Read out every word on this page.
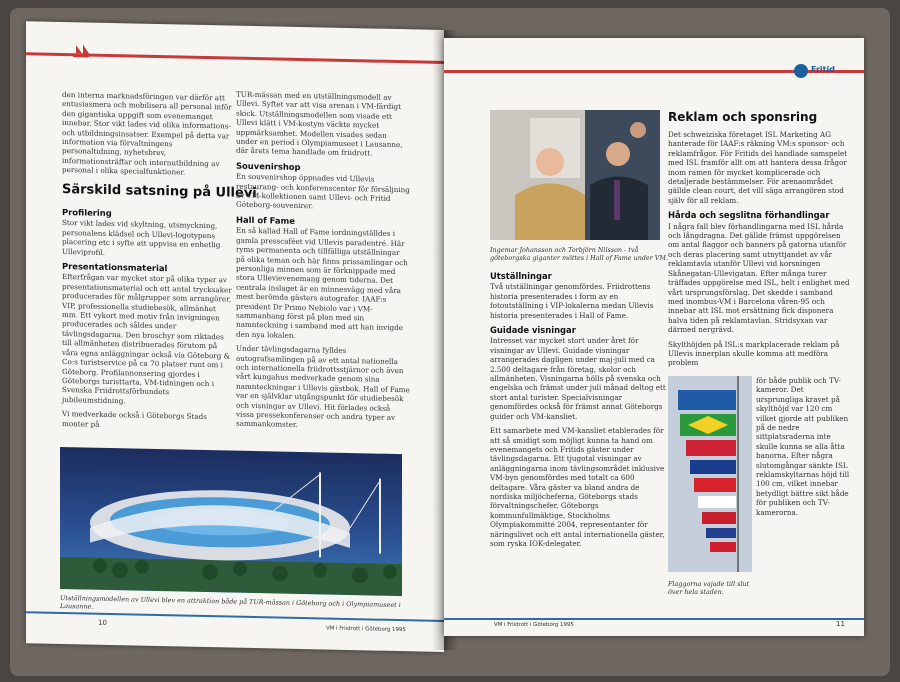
den interna marknadsföringen var därför att entusiasmera och mobilisera all personal inför den gigantiska uppgift som evenemanget innebar. Stor vikt lades vid olika informations- och utbildningsinsatser. Exempel på detta var information via förvaltningens personaltidning, nyhetsbrev, informationsträffar och internutbildning av personal i olika specialfunktioner.

Särskild satsning på Ullevi
Profilering

Stor vikt lades vid skyltning, utsmyckning, personalens klädsel och Ullevi-logotypens placering etc i syfte att uppvisa en enhetlig Ulleviprofil.

Presentationsmaterial

Efterfrågan var mycket stor på olika typer av presentationsmaterial och ett antal trycksaker producerades för målgrupper som arrangörer, VIP, professionella studiebesök, allmänhet mm. Ett vykort med motiv från invigningen producerades och såldes under tävlingsdagarna. Den broschyr som riktades till allmänheten distribuerades förutom på våra egna anläggningar också via Göteborg & Co:s turistservice på ca 70 platser runt om i Göteborg. Profilannonsering gjordes i Göteborgs turisttarta, VM-tidningen och i Svenska Friidrottsförbundets jubileumstidning.

Vi medverkade också i Göteborgs Stads monter på

TUR-mässan med en utställningsmodell av Ullevi. Syftet var att visa arenan i VM-färdigt skick. Utställningsmodellen som visade ett Ullevi klätt i VM-kostym väckte mycket uppmärksamhet. Modellen visades sedan under en period i Olympiamuseet i Lausanne, där årets tema handlade om friidrott.

Souvenirshop

En souvenirshop öppnades vid Ullevis restaurang- och konferenscenter för försäljning av VM-kollektionen samt Ullevi- och Fritid Göteborg-souvenirer.

Hall of Fame

En så kallad Hall of Fame iordningställdes i gamla presscaféet vid Ullevis paradentré. Här ryms permanenta och tillfälliga utställningar på olika teman och här finns prissamlingar och personliga minnen som är förknippade med stora Ullevievenemang genom tiderna. Det centrala inslaget är en minnesvägg med våra mest berömda gästers autografer. IAAF:s president Dr Primo Nebiolo var i VM-sammanhang först på plan med sin namnteckning i samband med att han invigde den nya lokalen.

Under tävlingsdagarna fylldes autografsamlingen på av ett antal nationella och internationella friidrottsstjärnor och även vårt kungahus medverkade genom sina namnteckningar i Ullevis gästbok. Hall of Fame var en självklar utgångspunkt för studiebesök och visningar av Ullevi. Hit förlades också vissa pressekonferenser och andra typer av sammankomster.

Utställningsmodellen av Ullevi blev en attraktion både på TUR-mässan i Göteborg och i Olympiamuseet i Lausanne.
10
VM i Friidrott i Göteborg 1995
Fritid
Ingemar Johansson och Torbjörn Nilsson - två göteborgska giganter möttes i Hall of Fame under VM.
Utställningar

Två utställningar genomfördes. Friidrottens historia presenterades i form av en fotoutställning i VIP-lokalerna medan Ullevis historia presenterades i Hall of Fame.

Guidade visningar

Intresset var mycket stort under året för visningar av Ullevi. Guidade visningar arrangerades dagligen under maj-juli med ca 2.500 deltagare från företag, skolor och allmänheten. Visningarna hölls på svenska och engelska och främst under juli månad deltog ett stort antal turister. Specialvisningar genomfördes också för främst annat Göteborgs guider och VM-kansliet.

Ett samarbete med VM-kansliet etablerades för att så smidigt som möjligt kunna ta hand om evenemangets och Fritids gäster under tävlingsdagarna. Ett tjugotal visningar av anläggningarna inom tävlingsområdet inklusive VM-byn genomfördes med totalt ca 600 deltagare. Våra gäster va bland andra de nordiska miljöcheferna, Göteborgs stads förvaltningschefer, Göteborgs kommunfullmäktige, Stockholms Olympiakommitté 2004, representanter för näringslivet och ett antal internationella gäster, som ryska IOK-delegater.

Reklam och sponsring

Det schweiziska företaget ISL Marketing AG hanterade för IAAF:s räkning VM:s sponsor- och reklamfrågor. För Fritids del handlade samspelet med ISL framför allt om att hantera dessa frågor inom ramen för mycket komplicerade och detaljerade bestämmelser. För arenaområdet gällde clean court, det vill säga arrangören stod själv för all reklam.

Hårda och segslitna förhandlingar

I några fall blev förhandlingarna med ISL hårda och långdragna. Det gällde främst uppgörelsen om antal flaggor och banners på gatorna utanför och deras placering samt utnyttjandet av vår reklamtavla utanför Ullevi vid korsningen Skånegatan-Ullevigatan. Efter många turer träffades uppgörelse med ISL, helt i enlighet med vårt ursprungsförslag. Det skedde i samband med inombus-VM i Barcelona våren-95 och innebar att ISL mot ersättning fick disponera halva tiden på reklamtavlan. Stridsyxan var därmed nergrävd.

Skylthöjden på ISL:s markplacerade reklam på Ullevis innerplan skulle komma att medföra problem

Flaggorna vajade till slut över hela staden.

för både publik och TV-kameror. Det ursprungliga kravet på skylthöjd var 120 cm vilket gjorde att publiken på de nedre sittplatsraderna inte skulle kunna se alla åtta banorna. Efter några slutomgångar sänkte ISL reklamskyltarnas höjd till 100 cm, vilket innebar betydligt bättre sikt både för publiken och TV-kamerorna.

VM i Friidrott i Göteborg 1995	11
